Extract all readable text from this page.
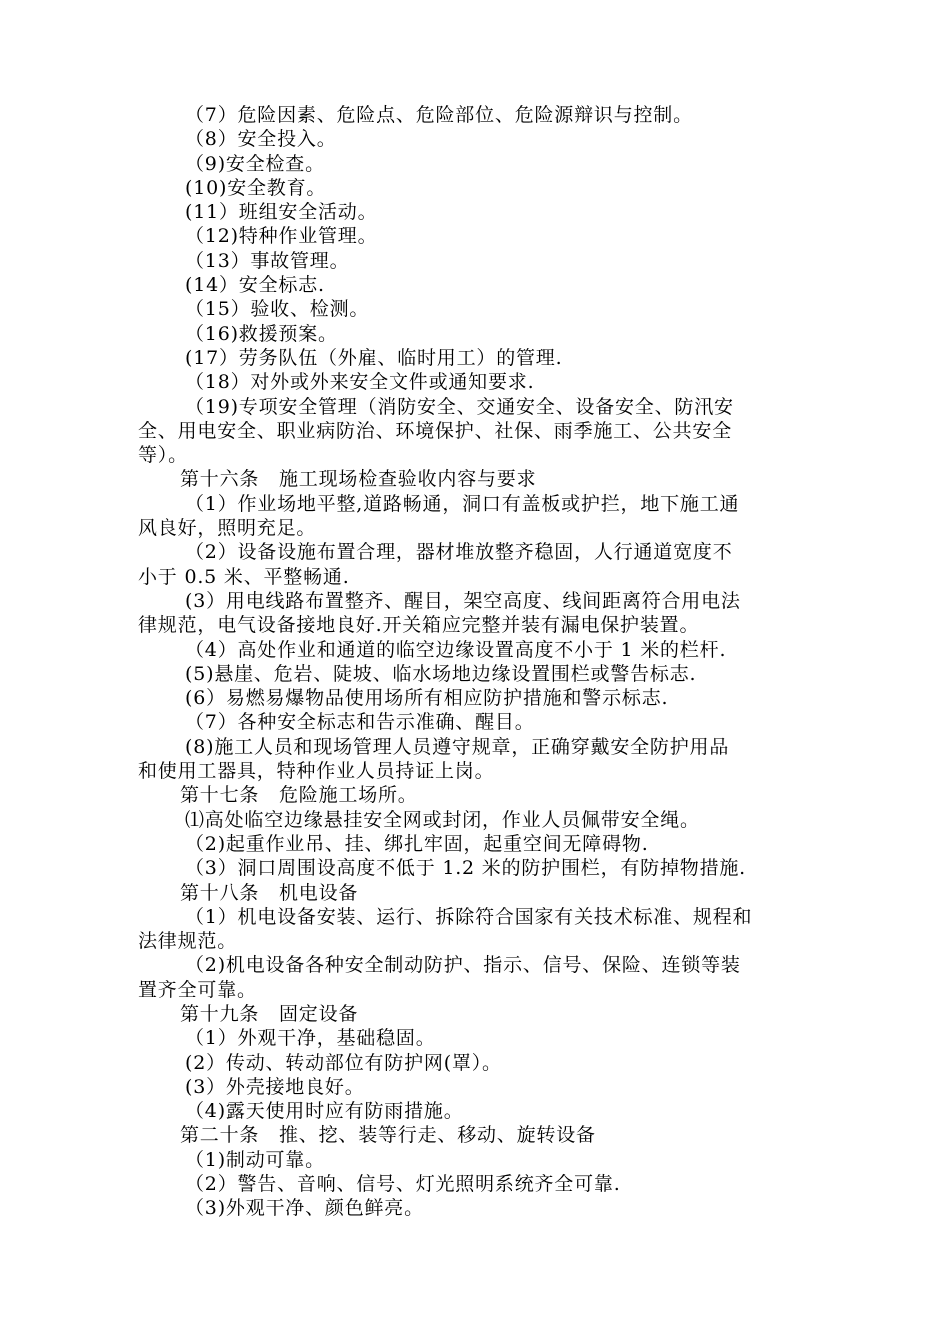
（7）危险因素、危险点、危险部位、危险源辩识与控制。
（8）安全投入。
（9)安全检查。
(10)安全教育。
(11）班组安全活动。
（12)特种作业管理。
（13）事故管理。
(14）安全标志.
（15）验收、检测。
（16)救援预案。
(17）劳务队伍（外雇、临时用工）的管理.
（18）对外或外来安全文件或通知要求.
（19)专项安全管理（消防安全、交通安全、设备安全、防汛安
全、用电安全、职业病防治、环境保护、社保、雨季施工、公共安全
等）。
第十六条　施工现场检查验收内容与要求
（1）作业场地平整,道路畅通，洞口有盖板或护拦，地下施工通
风良好，照明充足。
（2）设备设施布置合理，器材堆放整齐稳固，人行通道宽度不
小于 0.5 米、平整畅通.
(3）用电线路布置整齐、醒目，架空高度、线间距离符合用电法
律规范，电气设备接地良好.开关箱应完整并装有漏电保护装置。
（4）高处作业和通道的临空边缘设置高度不小于 1 米的栏杆.
(5)悬崖、危岩、陡坡、临水场地边缘设置围栏或警告标志.
(6）易燃易爆物品使用场所有相应防护措施和警示标志.
（7）各种安全标志和告示准确、醒目。
(8)施工人员和现场管理人员遵守规章，正确穿戴安全防护用品
和使用工器具，特种作业人员持证上岗。
第十七条　危险施工场所。
⑴高处临空边缘悬挂安全网或封闭，作业人员佩带安全绳。
（2)起重作业吊、挂、绑扎牢固，起重空间无障碍物.
（3）洞口周围设高度不低于 1.2 米的防护围栏，有防掉物措施.
第十八条　机电设备
（1）机电设备安装、运行、拆除符合国家有关技术标准、规程和
法律规范。
（2)机电设备各种安全制动防护、指示、信号、保险、连锁等装
置齐全可靠。
第十九条　固定设备
（1）外观干净，基础稳固。
(2）传动、转动部位有防护网(罩）。
(3）外壳接地良好。
（4)露天使用时应有防雨措施。
第二十条　推、挖、装等行走、移动、旋转设备
（1)制动可靠。
（2）警告、音响、信号、灯光照明系统齐全可靠.
（3)外观干净、颜色鲜亮。
